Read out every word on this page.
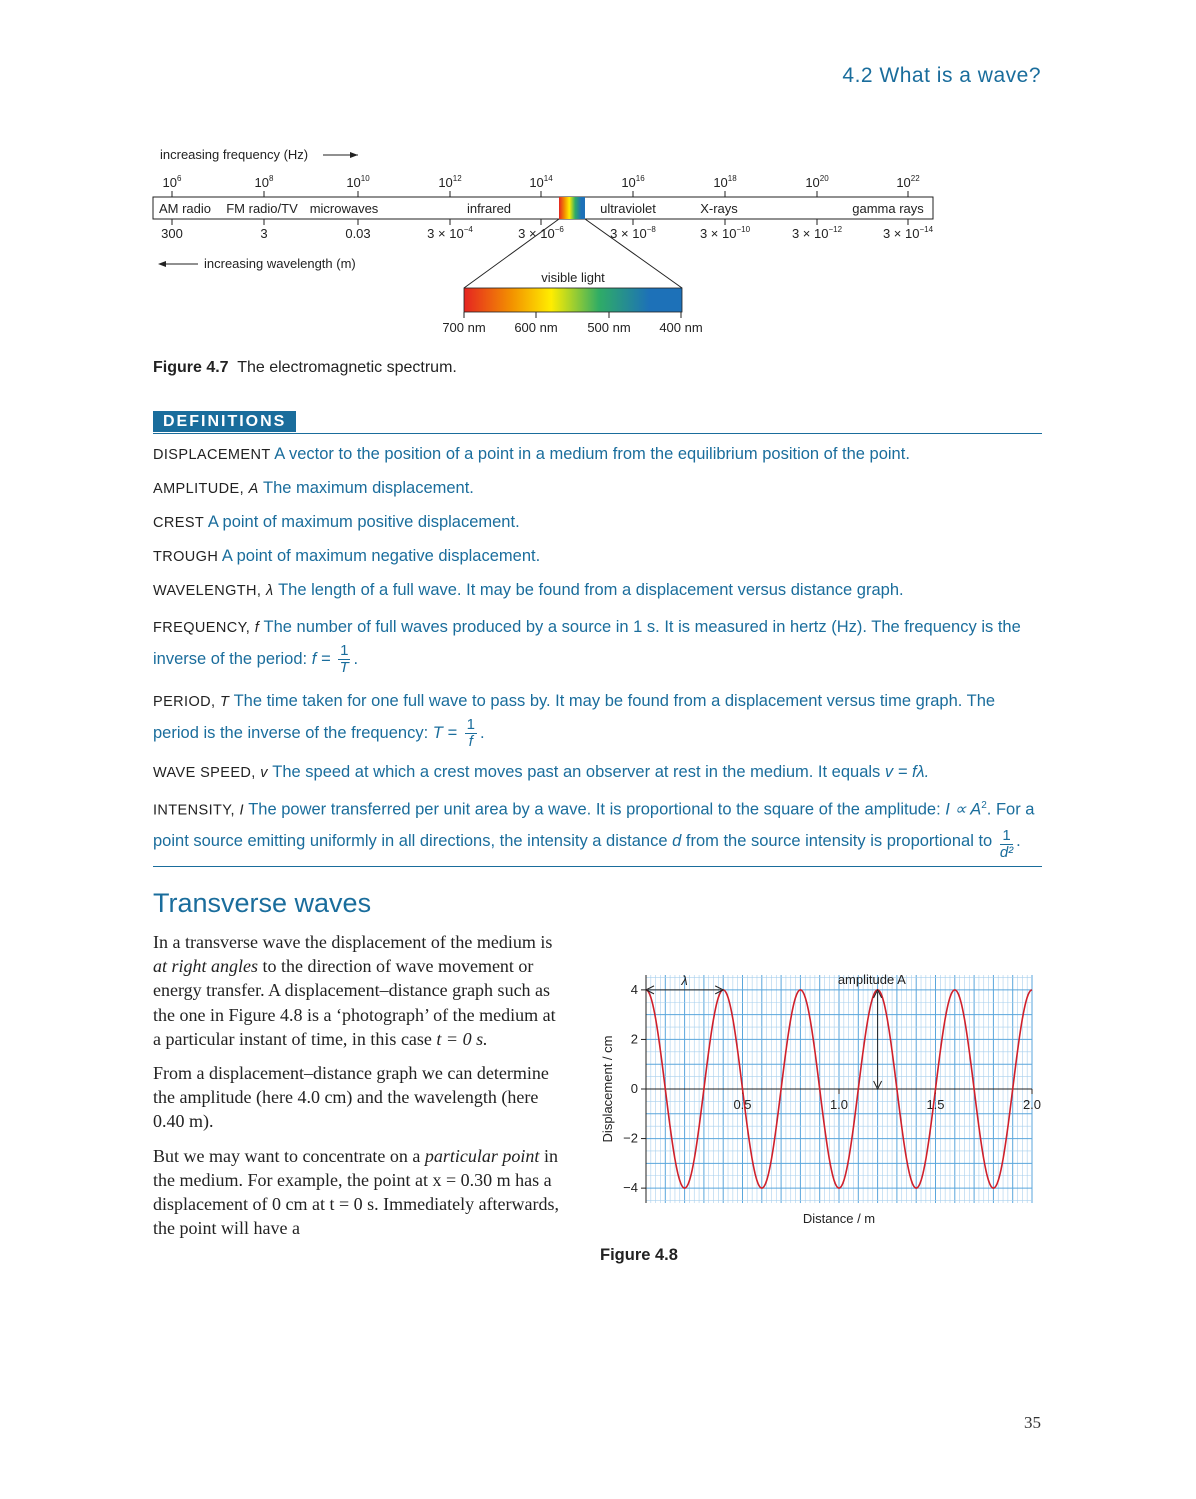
4.2 What is a wave?
increasing frequency (Hz)
$10^6$	$10^8$	$10^{10}$	$10^{12}$	$10^{14}$	$10^{16}$	$10^{18}$	$10^{20}$	$10^{22}$
AM radio FM radio/TV microwaves	infrared	ultraviolet	X-rays	gamma rays
300	3	0.03	$3 \times 10^{-4}$	$3 \times 10^{-6}$	$3 \times 10^{-8}$	$3 \times 10^{-10}$	$3 \times 10^{-12}$	$3 \times 10^{-14}$
increasing wavelength (m)
visible light
700 nm 600 nm 500 nm 400 nm
Figure 4.7 The electromagnetic spectrum.
DEFINITIONS
DISPLACEMENT A vector to the position of a point in a medium from the equilibrium position of the point.
AMPLITUDE, A The maximum displacement.
CREST A point of maximum positive displacement.
TROUGH A point of maximum negative displacement.
WAVELENGTH, λ The length of a full wave. It may be found from a displacement versus distance graph.
FREQUENCY, f The number of full waves produced by a source in 1 s. It is measured in hertz (Hz). The frequency is the inverse of the period: $f = \frac{1}{T}$ .
PERIOD, T The time taken for one full wave to pass by. It may be found from a displacement versus time graph. The period is the inverse of the frequency: $T = \frac{1}{f}$ .
WAVE SPEED, v The speed at which a crest moves past an observer at rest in the medium. It equals v = fλ.
INTENSITY, I The power transferred per unit area by a wave. It is proportional to the square of the amplitude: $I \propto A^2$. For a point source emitting uniformly in all directions, the intensity a distance d from the source intensity is proportional to $\frac{1}{\text{d²}}$ .
Transverse waves

In a transverse wave the displacement of the medium is at right angles to the direction of wave movement or energy transfer. A displacement–distance graph such as the one in Figure 4.8 is a ‘photograph’ of the medium at a particular instant of time, in this case t = 0 s.

From a displacement–distance graph we can determine the amplitude (here 4.0 cm) and the wavelength (here 0.40 m).

But we may want to concentrate on a particular point in the medium. For example, the point at x = 0.30 m has a displacement of 0 cm at t = 0 s. Immediately afterwards, the point will have a

4
2
0
−2
−4
0.5	1.0	1.5	2.0
λ	amplitude A
Displacement / cm
Distance / m
Figure 4.8
35
